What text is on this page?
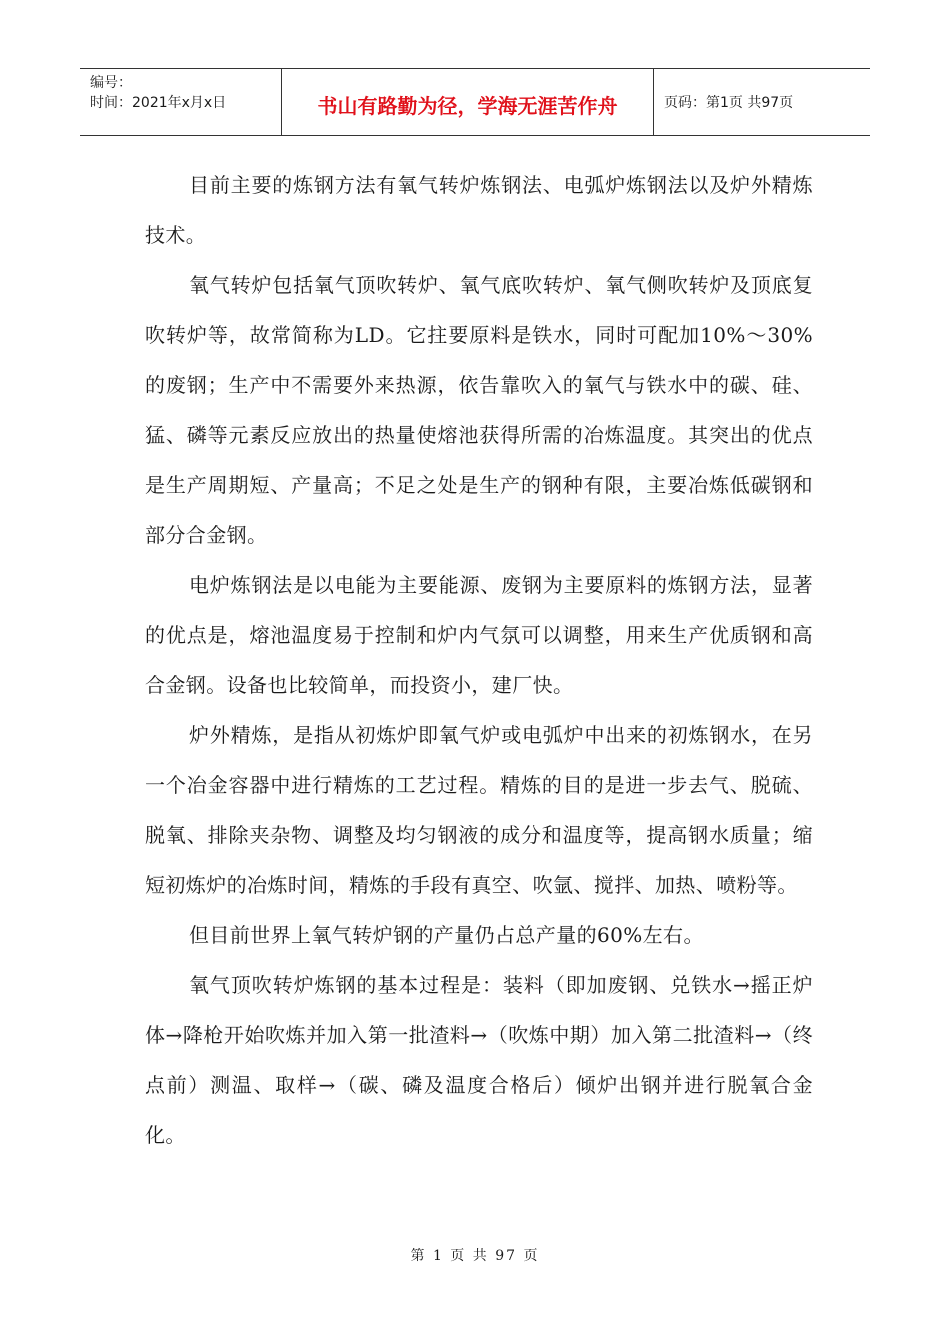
编号：
时间：2021年x月x日	书山有路勤为径，学海无涯苦作舟	页码：第1页 共97页

目前主要的炼钢方法有氧气转炉炼钢法、电弧炉炼钢法以及炉外精炼技术。

氧气转炉包括氧气顶吹转炉、氧气底吹转炉、氧气侧吹转炉及顶底复吹转炉等，故常简称为LD。它拄要原料是铁水，同时可配加10%～30%的废钢；生产中不需要外来热源，依告靠吹入的氧气与铁水中的碳、硅、猛、磷等元素反应放出的热量使熔池获得所需的冶炼温度。其突出的优点是生产周期短、产量高；不足之处是生产的钢种有限，主要冶炼低碳钢和部分合金钢。

电炉炼钢法是以电能为主要能源、废钢为主要原料的炼钢方法，显著的优点是，熔池温度易于控制和炉内气氛可以调整，用来生产优质钢和高合金钢。设备也比较简单，而投资小，建厂快。

炉外精炼，是指从初炼炉即氧气炉或电弧炉中出来的初炼钢水，在另一个冶金容器中进行精炼的工艺过程。精炼的目的是进一步去气、脱硫、脱氧、排除夹杂物、调整及均匀钢液的成分和温度等，提高钢水质量；缩短初炼炉的冶炼时间，精炼的手段有真空、吹氩、搅拌、加热、喷粉等。

但目前世界上氧气转炉钢的产量仍占总产量的60%左右。

氧气顶吹转炉炼钢的基本过程是：装料（即加废钢、兑铁水→摇正炉体→降枪开始吹炼并加入第一批渣料→（吹炼中期）加入第二批渣料→（终点前）测温、取样→（碳、磷及温度合格后）倾炉出钢并进行脱氧合金化。

第 1 页 共 97 页
